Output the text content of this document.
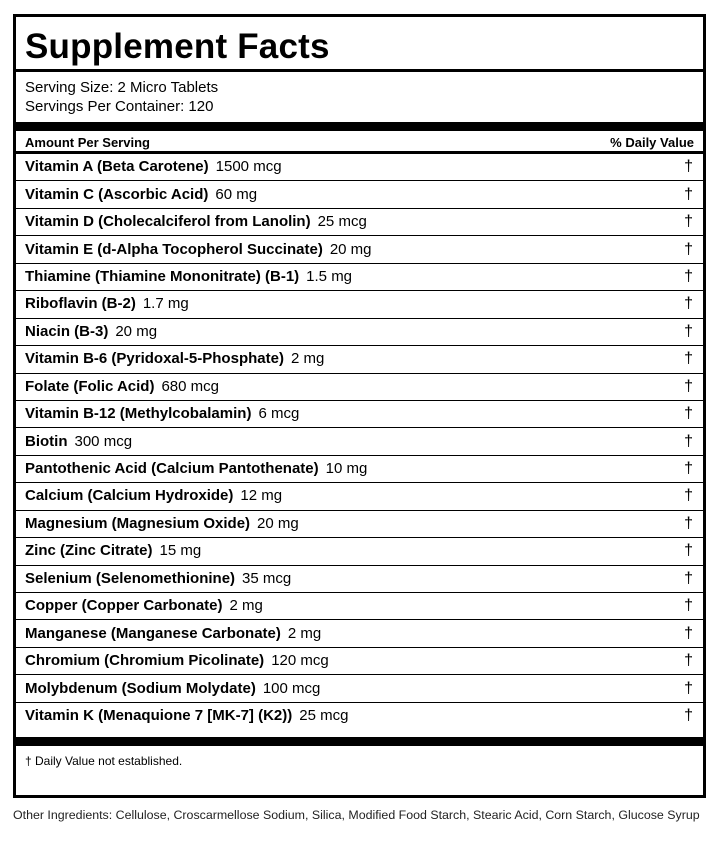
Supplement Facts
Serving Size: 2 Micro Tablets
Servings Per Container: 120
Amount Per Serving	% Daily Value
Vitamin A (Beta Carotene) 1500 mcg	†
Vitamin C (Ascorbic Acid) 60 mg	†
Vitamin D (Cholecalciferol from Lanolin) 25 mcg	†
Vitamin E (d-Alpha Tocopherol Succinate) 20 mg	†
Thiamine (Thiamine Mononitrate) (B-1) 1.5 mg	†
Riboflavin (B-2) 1.7 mg	†
Niacin (B-3) 20 mg	†
Vitamin B-6 (Pyridoxal-5-Phosphate) 2 mg	†
Folate (Folic Acid) 680 mcg	†
Vitamin B-12 (Methylcobalamin) 6 mcg	†
Biotin 300 mcg	†
Pantothenic Acid (Calcium Pantothenate) 10 mg	†
Calcium (Calcium Hydroxide) 12 mg	†
Magnesium (Magnesium Oxide) 20 mg	†
Zinc (Zinc Citrate) 15 mg	†
Selenium (Selenomethionine) 35 mcg	†
Copper (Copper Carbonate) 2 mg	†
Manganese (Manganese Carbonate) 2 mg	†
Chromium (Chromium Picolinate) 120 mcg	†
Molybdenum (Sodium Molydate) 100 mcg	†
Vitamin K (Menaquione 7 [MK-7] (K2)) 25 mcg	†
† Daily Value not established.
Other Ingredients: Cellulose, Croscarmellose Sodium, Silica, Modified Food Starch, Stearic Acid, Corn Starch, Glucose Syrup
